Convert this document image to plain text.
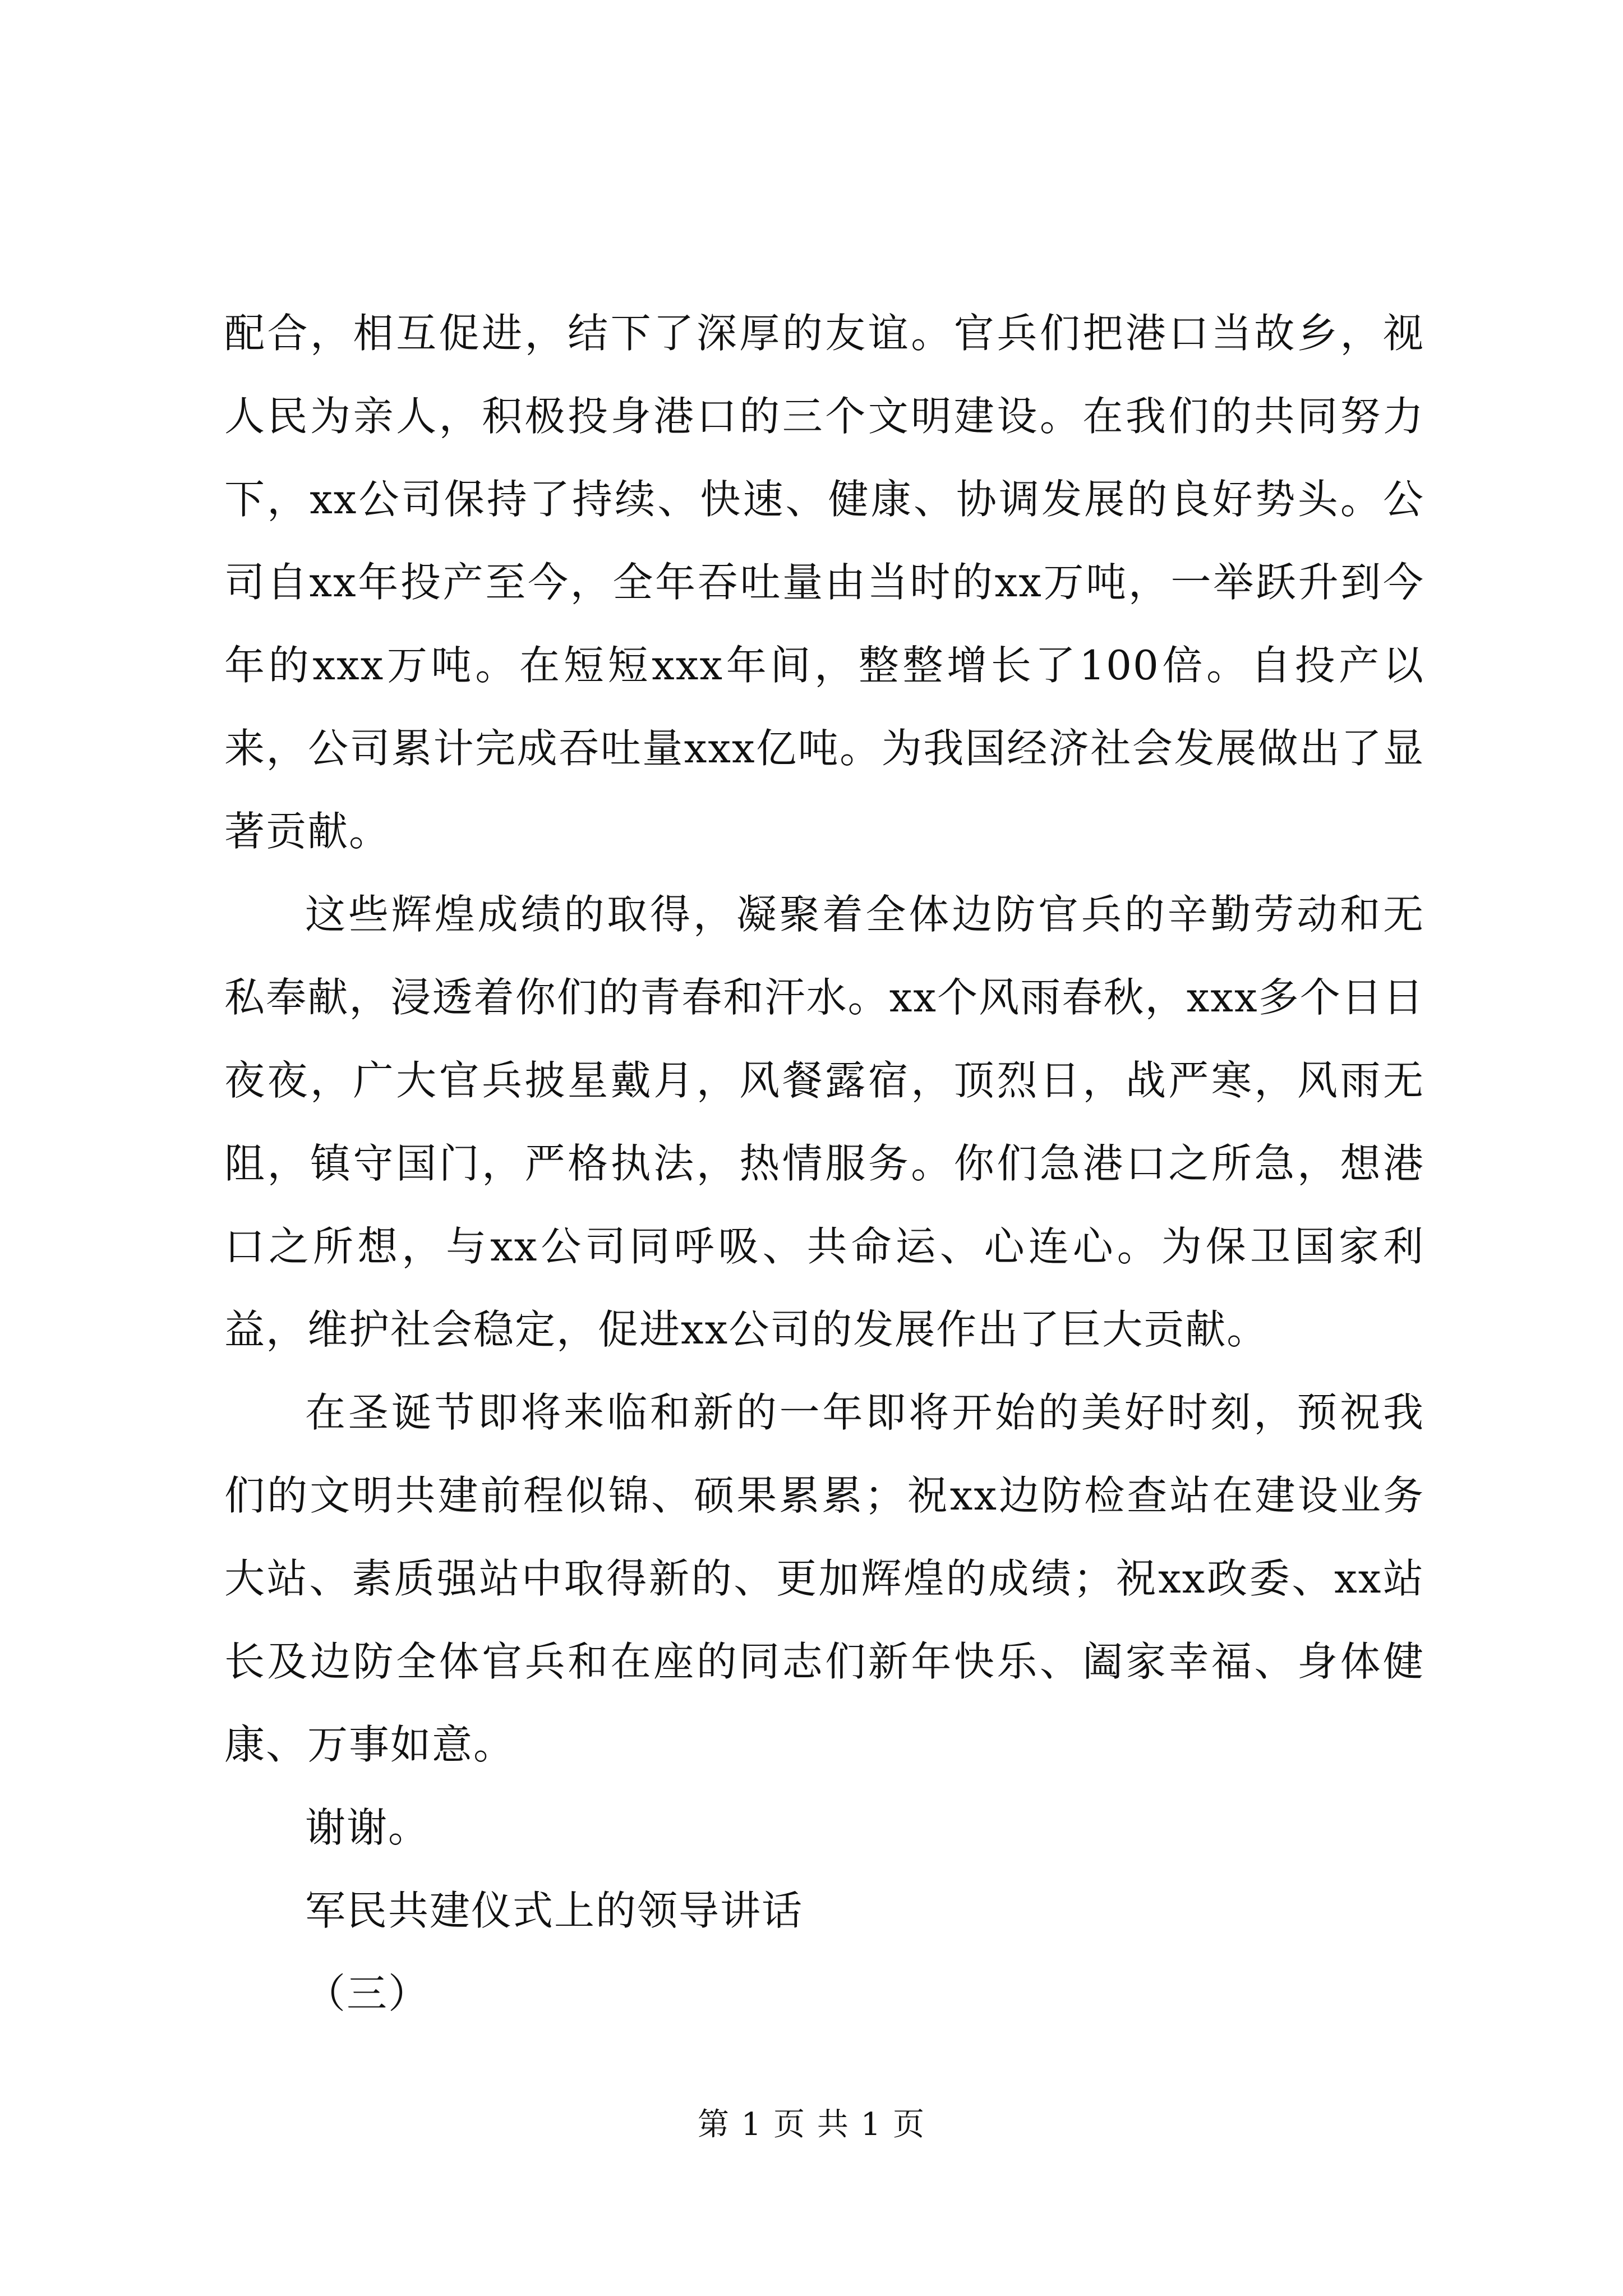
配合，相互促进，结下了深厚的友谊。官兵们把港口当故乡，视人民为亲人，积极投身港口的三个文明建设。在我们的共同努力下，xx公司保持了持续、快速、健康、协调发展的良好势头。公司自xx年投产至今，全年吞吐量由当时的xx万吨，一举跃升到今年的xxx万吨。在短短xxx年间，整整增长了100倍。自投产以来，公司累计完成吞吐量xxx亿吨。为我国经济社会发展做出了显著贡献。

这些辉煌成绩的取得，凝聚着全体边防官兵的辛勤劳动和无私奉献，浸透着你们的青春和汗水。xx个风雨春秋，xxx多个日日夜夜，广大官兵披星戴月，风餐露宿，顶烈日，战严寒，风雨无阻，镇守国门，严格执法，热情服务。你们急港口之所急，想港口之所想，与xx公司同呼吸、共命运、心连心。为保卫国家利益，维护社会稳定，促进xx公司的发展作出了巨大贡献。

在圣诞节即将来临和新的一年即将开始的美好时刻，预祝我们的文明共建前程似锦、硕果累累；祝xx边防检查站在建设业务大站、素质强站中取得新的、更加辉煌的成绩；祝xx政委、xx站长及边防全体官兵和在座的同志们新年快乐、阖家幸福、身体健康、万事如意。

谢谢。

军民共建仪式上的领导讲话

（三）

第 1 页 共 1 页
